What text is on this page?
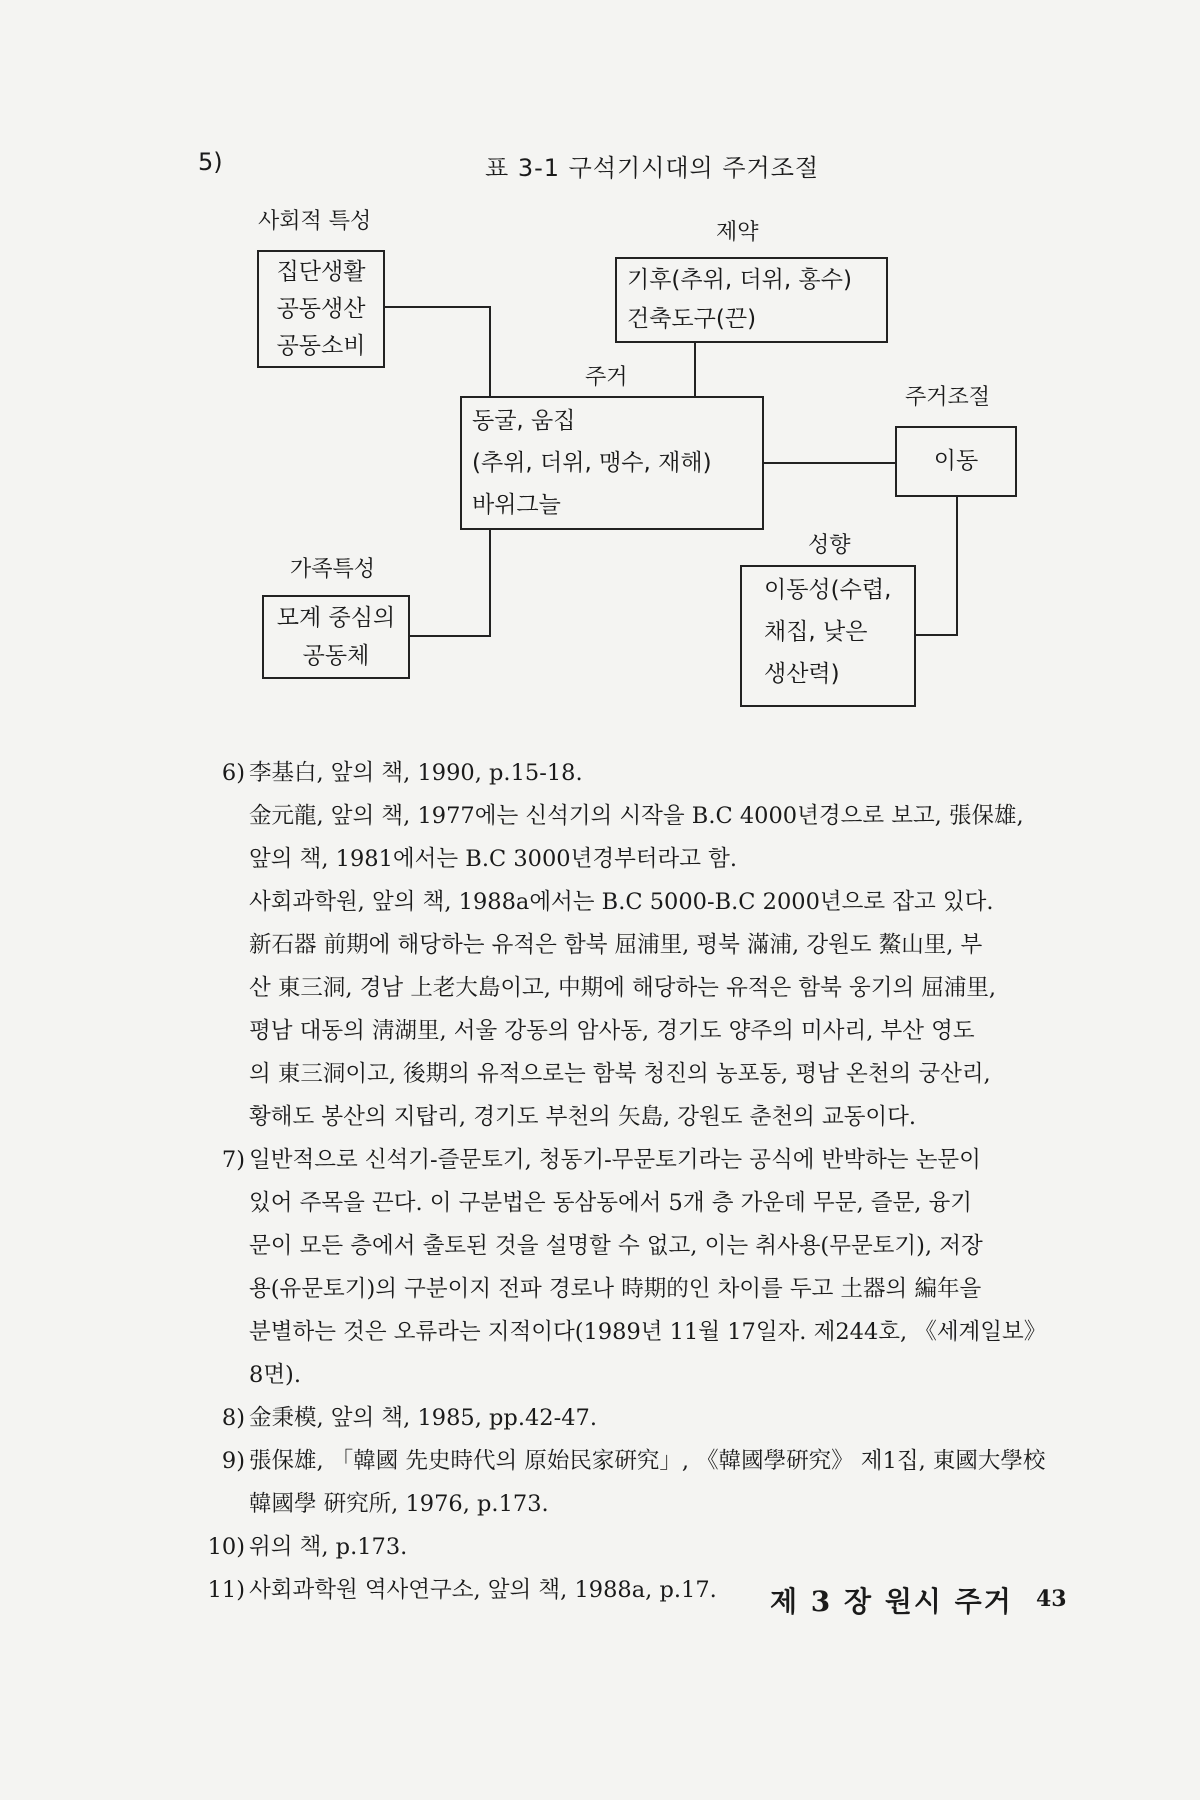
5)	표 3-1 구석기시대의 주거조절
사회적 특성	제약
주거
주거조절
가족특성
성향
집단생활
공동생산
공동소비
기후(추위, 더위, 홍수)
건축도구(끈)
동굴, 움집
(추위, 더위, 맹수, 재해)
바위그늘
이동
모계 중심의
공동체
이동성(수렵,
채집, 낮은
생산력)
6) 李基白, 앞의 책, 1990, p.15-18.
金元龍, 앞의 책, 1977에는 신석기의 시작을 B.C 4000년경으로 보고, 張保雄,
앞의 책, 1981에서는 B.C 3000년경부터라고 함.
사회과학원, 앞의 책, 1988a에서는 B.C 5000-B.C 2000년으로 잡고 있다.
新石器 前期에 해당하는 유적은 함북 屈浦里, 평북 滿浦, 강원도 鰲山里, 부
산 東三洞, 경남 上老大島이고, 中期에 해당하는 유적은 함북 웅기의 屈浦里,
평남 대동의 淸湖里, 서울 강동의 암사동, 경기도 양주의 미사리, 부산 영도
의 東三洞이고, 後期의 유적으로는 함북 청진의 농포동, 평남 온천의 궁산리,
황해도 봉산의 지탑리, 경기도 부천의 矢島, 강원도 춘천의 교동이다.
7) 일반적으로 신석기-즐문토기, 청동기-무문토기라는 공식에 반박하는 논문이
있어 주목을 끈다. 이 구분법은 동삼동에서 5개 층 가운데 무문, 즐문, 융기
문이 모든 층에서 출토된 것을 설명할 수 없고, 이는 취사용(무문토기), 저장
용(유문토기)의 구분이지 전파 경로나 時期的인 차이를 두고 土器의 編年을
분별하는 것은 오류라는 지적이다(1989년 11월 17일자. 제244호, 《세계일보》
8면).
8) 金秉模, 앞의 책, 1985, pp.42-47.
9) 張保雄, 「韓國 先史時代의 原始民家硏究」, 《韓國學硏究》 제1집, 東國大學校
韓國學 硏究所, 1976, p.173.
10) 위의 책, p.173.
11) 사회과학원 역사연구소, 앞의 책, 1988a, p.17.	제 3 장 원시 주거 43
